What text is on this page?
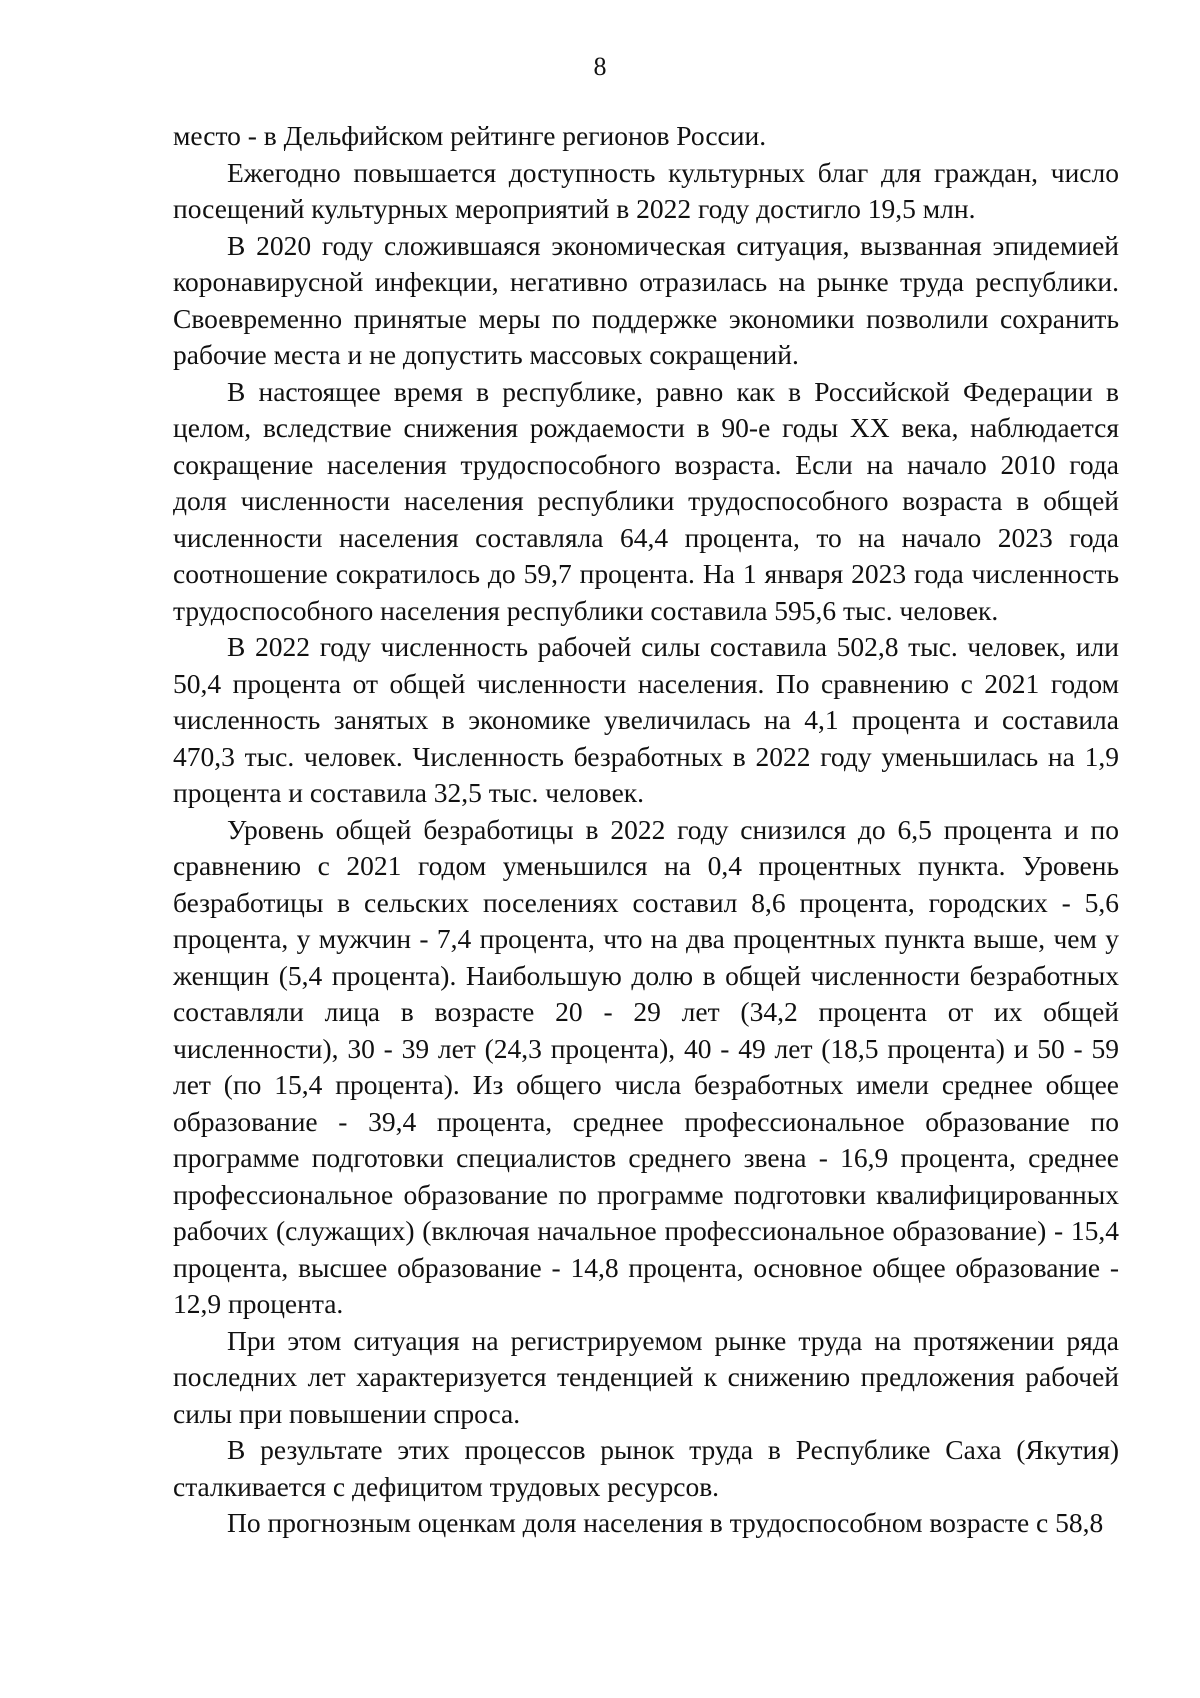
8

место - в Дельфийском рейтинге регионов России.

Ежегодно повышается доступность культурных благ для граждан, число посещений культурных мероприятий в 2022 году достигло 19,5 млн.

В 2020 году сложившаяся экономическая ситуация, вызванная эпидемией коронавирусной инфекции, негативно отразилась на рынке труда республики. Своевременно принятые меры по поддержке экономики позволили сохранить рабочие места и не допустить массовых сокращений.

В настоящее время в республике, равно как в Российской Федерации в целом, вследствие снижения рождаемости в 90-е годы XX века, наблюдается сокращение населения трудоспособного возраста. Если на начало 2010 года доля численности населения республики трудоспособного возраста в общей численности населения составляла 64,4 процента, то на начало 2023 года соотношение сократилось до 59,7 процента. На 1 января 2023 года численность трудоспособного населения республики составила 595,6 тыс. человек.

В 2022 году численность рабочей силы составила 502,8 тыс. человек, или 50,4 процента от общей численности населения. По сравнению с 2021 годом численность занятых в экономике увеличилась на 4,1 процента и составила 470,3 тыс. человек. Численность безработных в 2022 году уменьшилась на 1,9 процента и составила 32,5 тыс. человек.

Уровень общей безработицы в 2022 году снизился до 6,5 процента и по сравнению с 2021 годом уменьшился на 0,4 процентных пункта. Уровень безработицы в сельских поселениях составил 8,6 процента, городских - 5,6 процента, у мужчин - 7,4 процента, что на два процентных пункта выше, чем у женщин (5,4 процента). Наибольшую долю в общей численности безработных составляли лица в возрасте 20 - 29 лет (34,2 процента от их общей численности), 30 - 39 лет (24,3 процента), 40 - 49 лет (18,5 процента) и 50 - 59 лет (по 15,4 процента). Из общего числа безработных имели среднее общее образование - 39,4 процента, среднее профессиональное образование по программе подготовки специалистов среднего звена - 16,9 процента, среднее профессиональное образование по программе подготовки квалифицированных рабочих (служащих) (включая начальное профессиональное образование) - 15,4 процента, высшее образование - 14,8 процента, основное общее образование - 12,9 процента.

При этом ситуация на регистрируемом рынке труда на протяжении ряда последних лет характеризуется тенденцией к снижению предложения рабочей силы при повышении спроса.

В результате этих процессов рынок труда в Республике Саха (Якутия) сталкивается с дефицитом трудовых ресурсов.

По прогнозным оценкам доля населения в трудоспособном возрасте с 58,8
